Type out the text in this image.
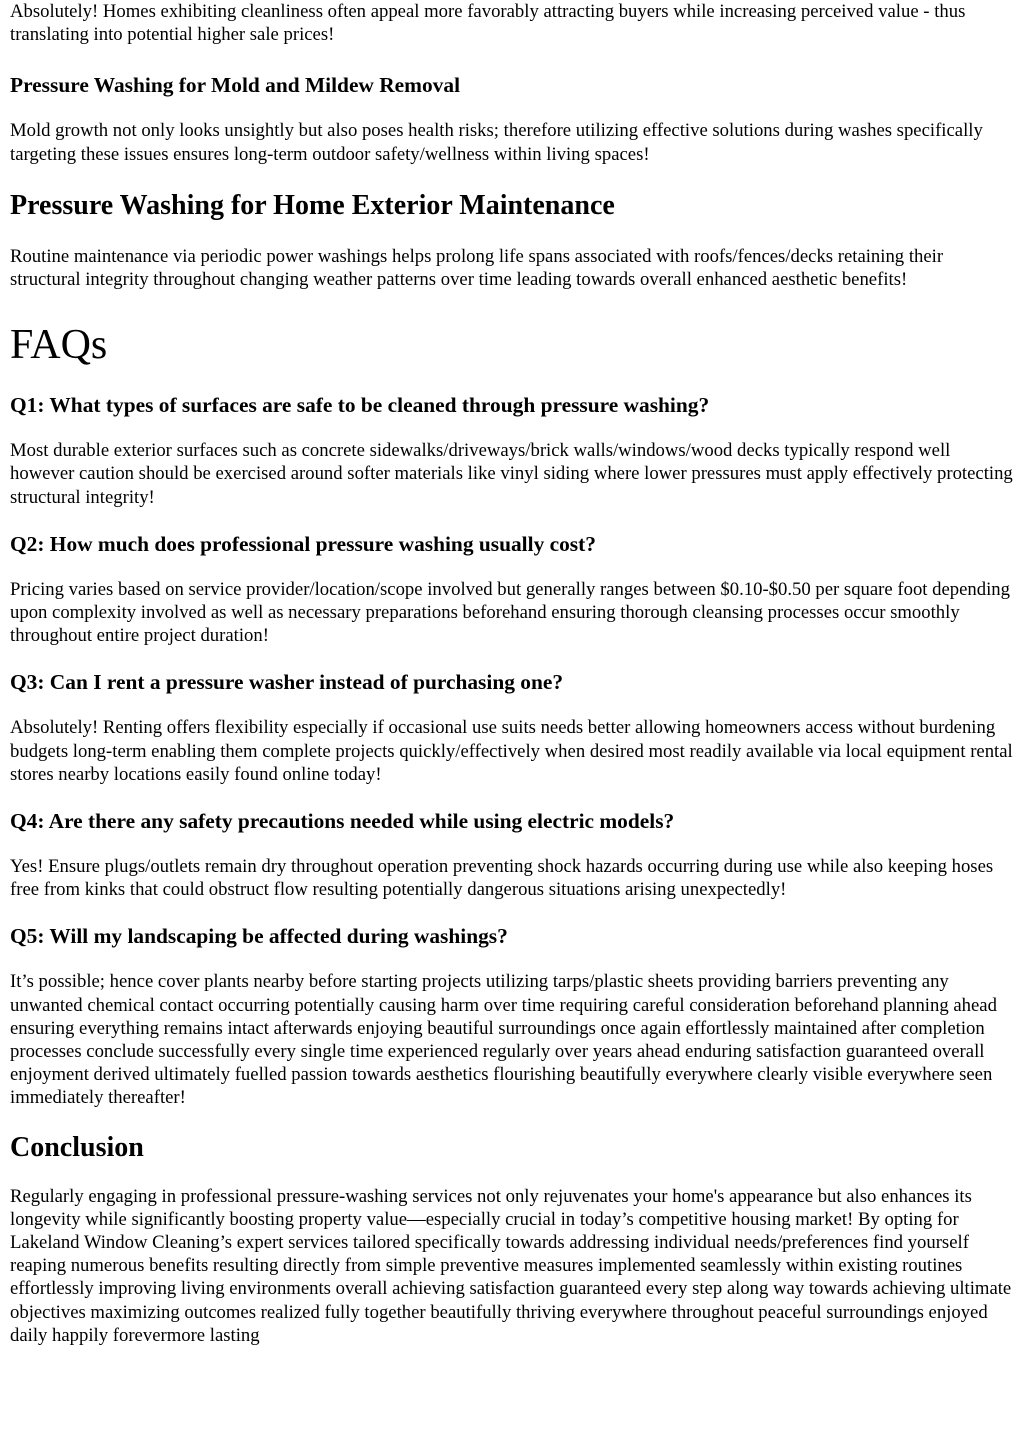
Absolutely! Homes exhibiting cleanliness often appeal more favorably attracting buyers while increasing perceived value - thus translating into potential higher sale prices!

Pressure Washing for Mold and Mildew Removal

Mold growth not only looks unsightly but also poses health risks; therefore utilizing effective solutions during washes specifically targeting these issues ensures long-term outdoor safety/wellness within living spaces!

Pressure Washing for Home Exterior Maintenance

Routine maintenance via periodic power washings helps prolong life spans associated with roofs/fences/decks retaining their structural integrity throughout changing weather patterns over time leading towards overall enhanced aesthetic benefits!

FAQs
Q1: What types of surfaces are safe to be cleaned through pressure washing?

Most durable exterior surfaces such as concrete sidewalks/driveways/brick walls/windows/wood decks typically respond well however caution should be exercised around softer materials like vinyl siding where lower pressures must apply effectively protecting structural integrity!

Q2: How much does professional pressure washing usually cost?

Pricing varies based on service provider/location/scope involved but generally ranges between $0.10-$0.50 per square foot depending upon complexity involved as well as necessary preparations beforehand ensuring thorough cleansing processes occur smoothly throughout entire project duration!

Q3: Can I rent a pressure washer instead of purchasing one?

Absolutely! Renting offers flexibility especially if occasional use suits needs better allowing homeowners access without burdening budgets long-term enabling them complete projects quickly/effectively when desired most readily available via local equipment rental stores nearby locations easily found online today!

Q4: Are there any safety precautions needed while using electric models?

Yes! Ensure plugs/outlets remain dry throughout operation preventing shock hazards occurring during use while also keeping hoses free from kinks that could obstruct flow resulting potentially dangerous situations arising unexpectedly!

Q5: Will my landscaping be affected during washings?

It’s possible; hence cover plants nearby before starting projects utilizing tarps/plastic sheets providing barriers preventing any unwanted chemical contact occurring potentially causing harm over time requiring careful consideration beforehand planning ahead ensuring everything remains intact afterwards enjoying beautiful surroundings once again effortlessly maintained after completion processes conclude successfully every single time experienced regularly over years ahead enduring satisfaction guaranteed overall enjoyment derived ultimately fuelled passion towards aesthetics flourishing beautifully everywhere clearly visible everywhere seen immediately thereafter!

Conclusion

Regularly engaging in professional pressure-washing services not only rejuvenates your home's appearance but also enhances its longevity while significantly boosting property value—especially crucial in today’s competitive housing market! By opting for Lakeland Window Cleaning’s expert services tailored specifically towards addressing individual needs/preferences find yourself reaping numerous benefits resulting directly from simple preventive measures implemented seamlessly within existing routines effortlessly improving living environments overall achieving satisfaction guaranteed every step along way towards achieving ultimate objectives maximizing outcomes realized fully together beautifully thriving everywhere throughout peaceful surroundings enjoyed daily happily forevermore lasting
